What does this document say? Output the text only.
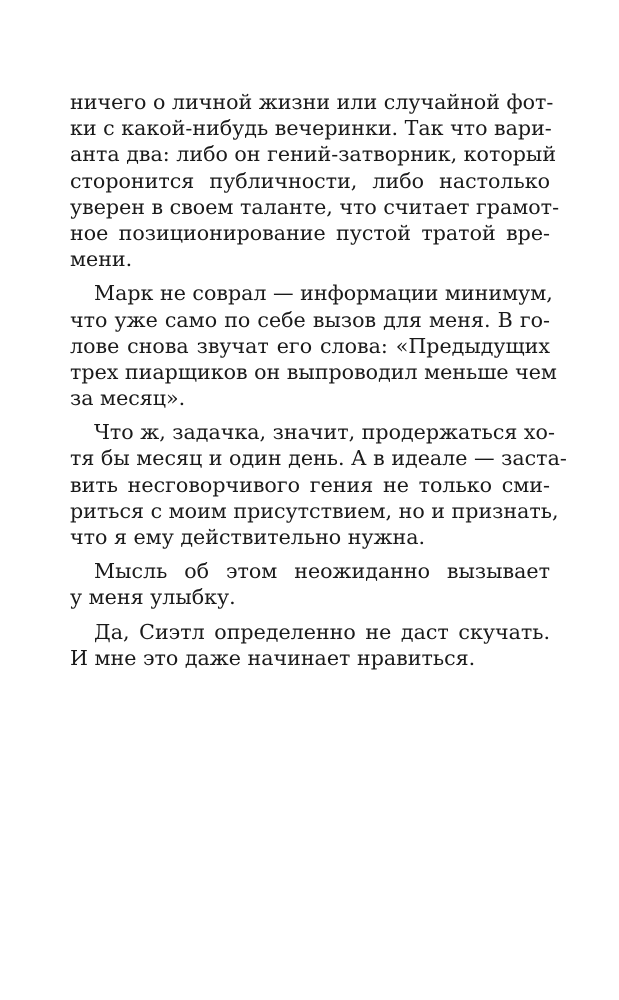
ничего о личной жизни или случайной фот-
ки с какой-нибудь вечеринки. Так что вари-
анта два: либо он гений-затворник, который
сторонится публичности, либо настолько
уверен в своем таланте, что считает грамот-
ное позиционирование пустой тратой вре-
мени.
Марк не соврал — информации минимум,
что уже само по себе вызов для меня. В го-
лове снова звучат его слова: «Предыдущих
трех пиарщиков он выпроводил меньше чем
за месяц».
Что ж, задачка, значит, продержаться хо-
тя бы месяц и один день. А в идеале — заста-
вить несговорчивого гения не только сми-
риться с моим присутствием, но и признать,
что я ему действительно нужна.
Мысль об этом неожиданно вызывает
у меня улыбку.
Да, Сиэтл определенно не даст скучать.
И мне это даже начинает нравиться.
